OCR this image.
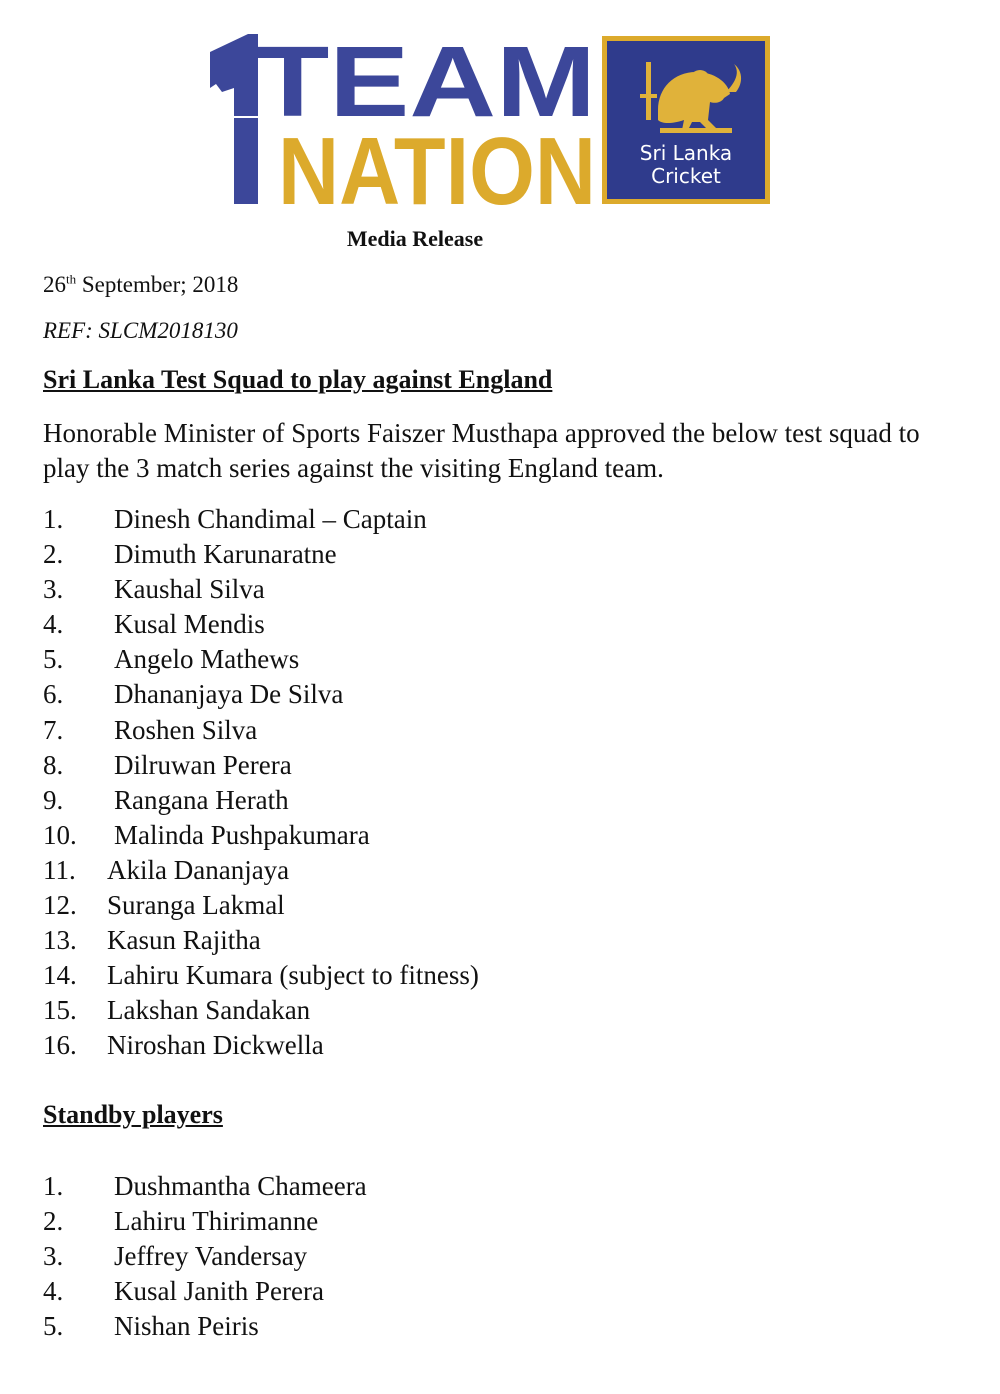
TEAM
NATION Sri Lanka
Cricket
Media Release
26th September; 2018
REF: SLCM2018130
Sri Lanka Test Squad to play against England
Honorable Minister of Sports Faiszer Musthapa approved the below test squad to play the 3 match series against the visiting England team.
1. Dinesh Chandimal – Captain
2. Dimuth Karunaratne
3. Kaushal Silva
4. Kusal Mendis
5. Angelo Mathews
6. Dhananjaya De Silva
7. Roshen Silva
8. Dilruwan Perera
9. Rangana Herath
10. Malinda Pushpakumara
11. Akila Dananjaya
12. Suranga Lakmal
13. Kasun Rajitha
14. Lahiru Kumara (subject to fitness)
15. Lakshan Sandakan
16. Niroshan Dickwella
Standby players
1. Dushmantha Chameera
2. Lahiru Thirimanne
3. Jeffrey Vandersay
4. Kusal Janith Perera
5. Nishan Peiris
